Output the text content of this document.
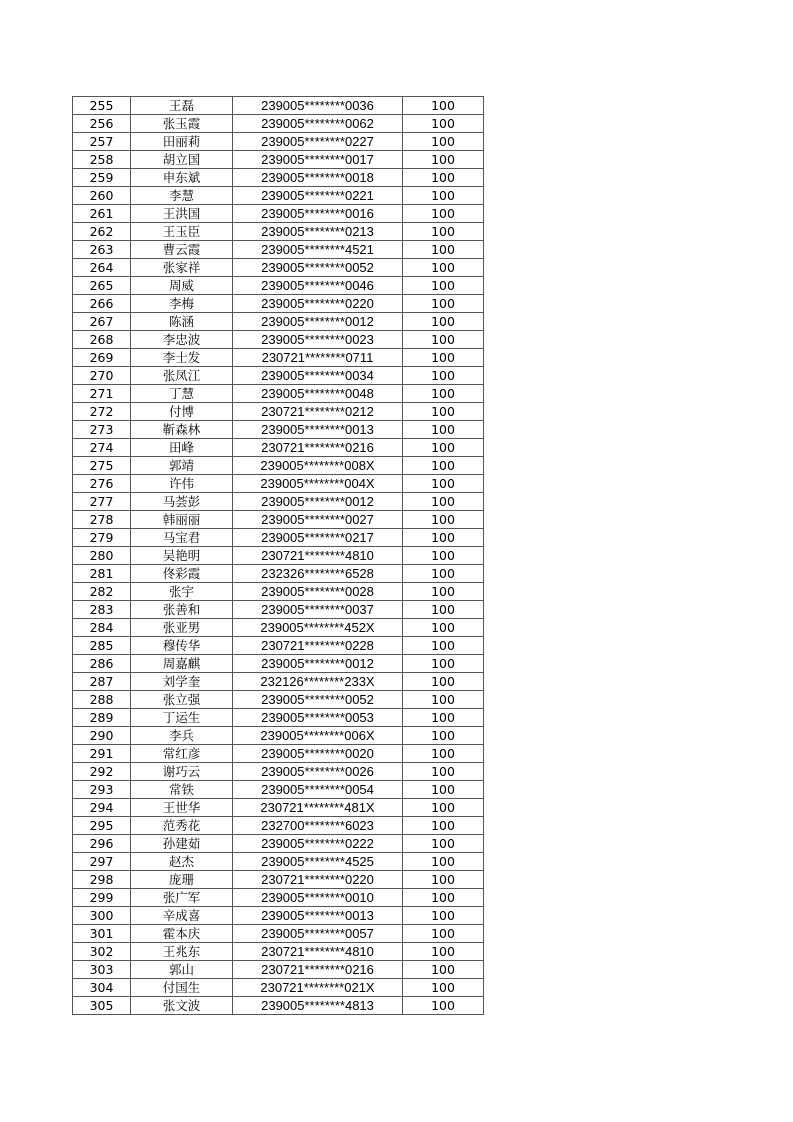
255	王磊	239005********0036	100
256	张玉霞	239005********0062	100
257	田丽莉	239005********0227	100
258	胡立国	239005********0017	100
259	申东斌	239005********0018	100
260	李慧	239005********0221	100
261	王洪国	239005********0016	100
262	王玉臣	239005********0213	100
263	曹云霞	239005********4521	100
264	张家祥	239005********0052	100
265	周威	239005********0046	100
266	李梅	239005********0220	100
267	陈涵	239005********0012	100
268	李忠波	239005********0023	100
269	李士发	230721********0711	100
270	张凤江	239005********0034	100
271	丁慧	239005********0048	100
272	付博	230721********0212	100
273	靳森林	239005********0013	100
274	田峰	230721********0216	100
275	郭靖	239005********008X	100
276	许伟	239005********004X	100
277	马荟彭	239005********0012	100
278	韩丽丽	239005********0027	100
279	马宝君	239005********0217	100
280	吴艳明	230721********4810	100
281	佟彩霞	232326********6528	100
282	张宇	239005********0028	100
283	张善和	239005********0037	100
284	张亚男	239005********452X	100
285	穆传华	230721********0228	100
286	周嘉麒	239005********0012	100
287	刘学奎	232126********233X	100
288	张立强	239005********0052	100
289	丁运生	239005********0053	100
290	李兵	239005********006X	100
291	常红彦	239005********0020	100
292	谢巧云	239005********0026	100
293	常铁	239005********0054	100
294	王世华	230721********481X	100
295	范秀花	232700********6023	100
296	孙建茹	239005********0222	100
297	赵杰	239005********4525	100
298	庞珊	230721********0220	100
299	张广军	239005********0010	100
300	辛成喜	239005********0013	100
301	霍本庆	239005********0057	100
302	王兆东	230721********4810	100
303	郭山	230721********0216	100
304	付国生	230721********021X	100
305	张文波	239005********4813	100
